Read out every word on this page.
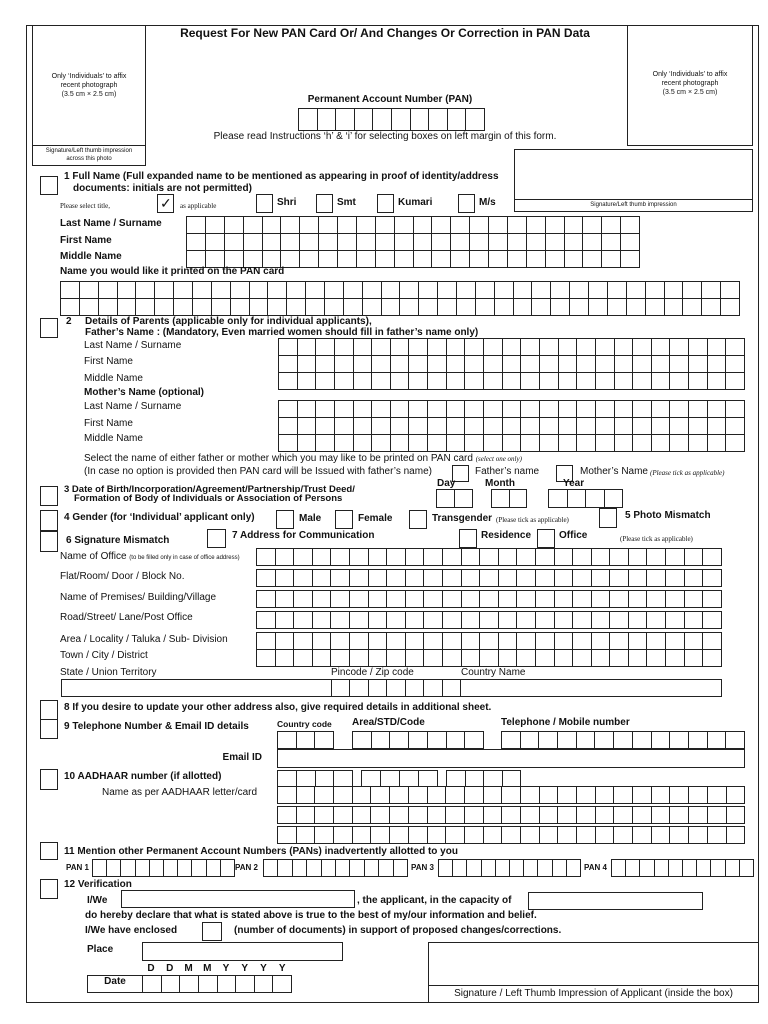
Request For New PAN Card Or/ And Changes Or Correction in PAN Data
Only ‘Individuals’ to affix
recent photograph
(3.5 cm × 2.5 cm)
Signature/Left thumb impression
across this photo
Only ‘Individuals’ to affix
recent photograph
(3.5 cm × 2.5 cm)
Signature/Left thumb impression
Permanent Account Number (PAN)
Please read Instructions ‘h’ & ‘i’ for selecting boxes on left margin of this form.
1 Full Name (Full expanded name to be mentioned as appearing in proof of identity/address
documents: initials are not permitted)
Please select title,	✓ as applicable	Shri	Smt	Kumari	M/s
Last Name / Surname
First Name
Middle Name
Name you would like it printed on the PAN card
2 Details of Parents (applicable only for individual applicants),
Father’s Name : (Mandatory, Even married women should fill in father’s name only)
Last Name / Surname
First Name
Middle Name
Mother’s Name (optional)
Last Name / Surname
First Name
Middle Name
Select the name of either father or mother which you may like to be printed on PAN card (select one only)
(In case no option is provided then PAN card will be Issued with father’s name)	Father’s name	Mother’s Name (Please tick as applicable)
3 Date of Birth/Incorporation/Agreement/Partnership/Trust Deed/
Formation of Body of Individuals or Association of Persons
Day	Month	Year
4 Gender (for ‘Individual’ applicant only)	Male	Female	Transgender (Please tick as applicable)	5 Photo Mismatch
6 Signature Mismatch	7 Address for Communication	Residence	Office	(Please tick as applicable)
Name of Office (to be filled only in case of office address)
Flat/Room/ Door / Block No.
Name of Premises/ Building/Village
Road/Street/ Lane/Post Office
Area / Locality / Taluka / Sub- Division
Town / City / District
State / Union Territory	Pincode / Zip code	Country Name
8 If you desire to update your other address also, give required details in additional sheet.
9 Telephone Number & Email ID details	Country code Area/STD/Code	Telephone / Mobile number
Email ID
10 AADHAAR number (if allotted)
Name as per AADHAAR letter/card
11 Mention other Permanent Account Numbers (PANs) inadvertently allotted to you
PAN 1	PAN 2	PAN 3	PAN 4
12 Verification
I/We	, the applicant, in the capacity of
do hereby declare that what is stated above is true to the best of my/our information and belief.
I/We have enclosed	(number of documents) in support of proposed changes/corrections.
Place
D	D	M	M	Y	Y	Y	Y
Date
Signature / Left Thumb Impression of Applicant (inside the box)
